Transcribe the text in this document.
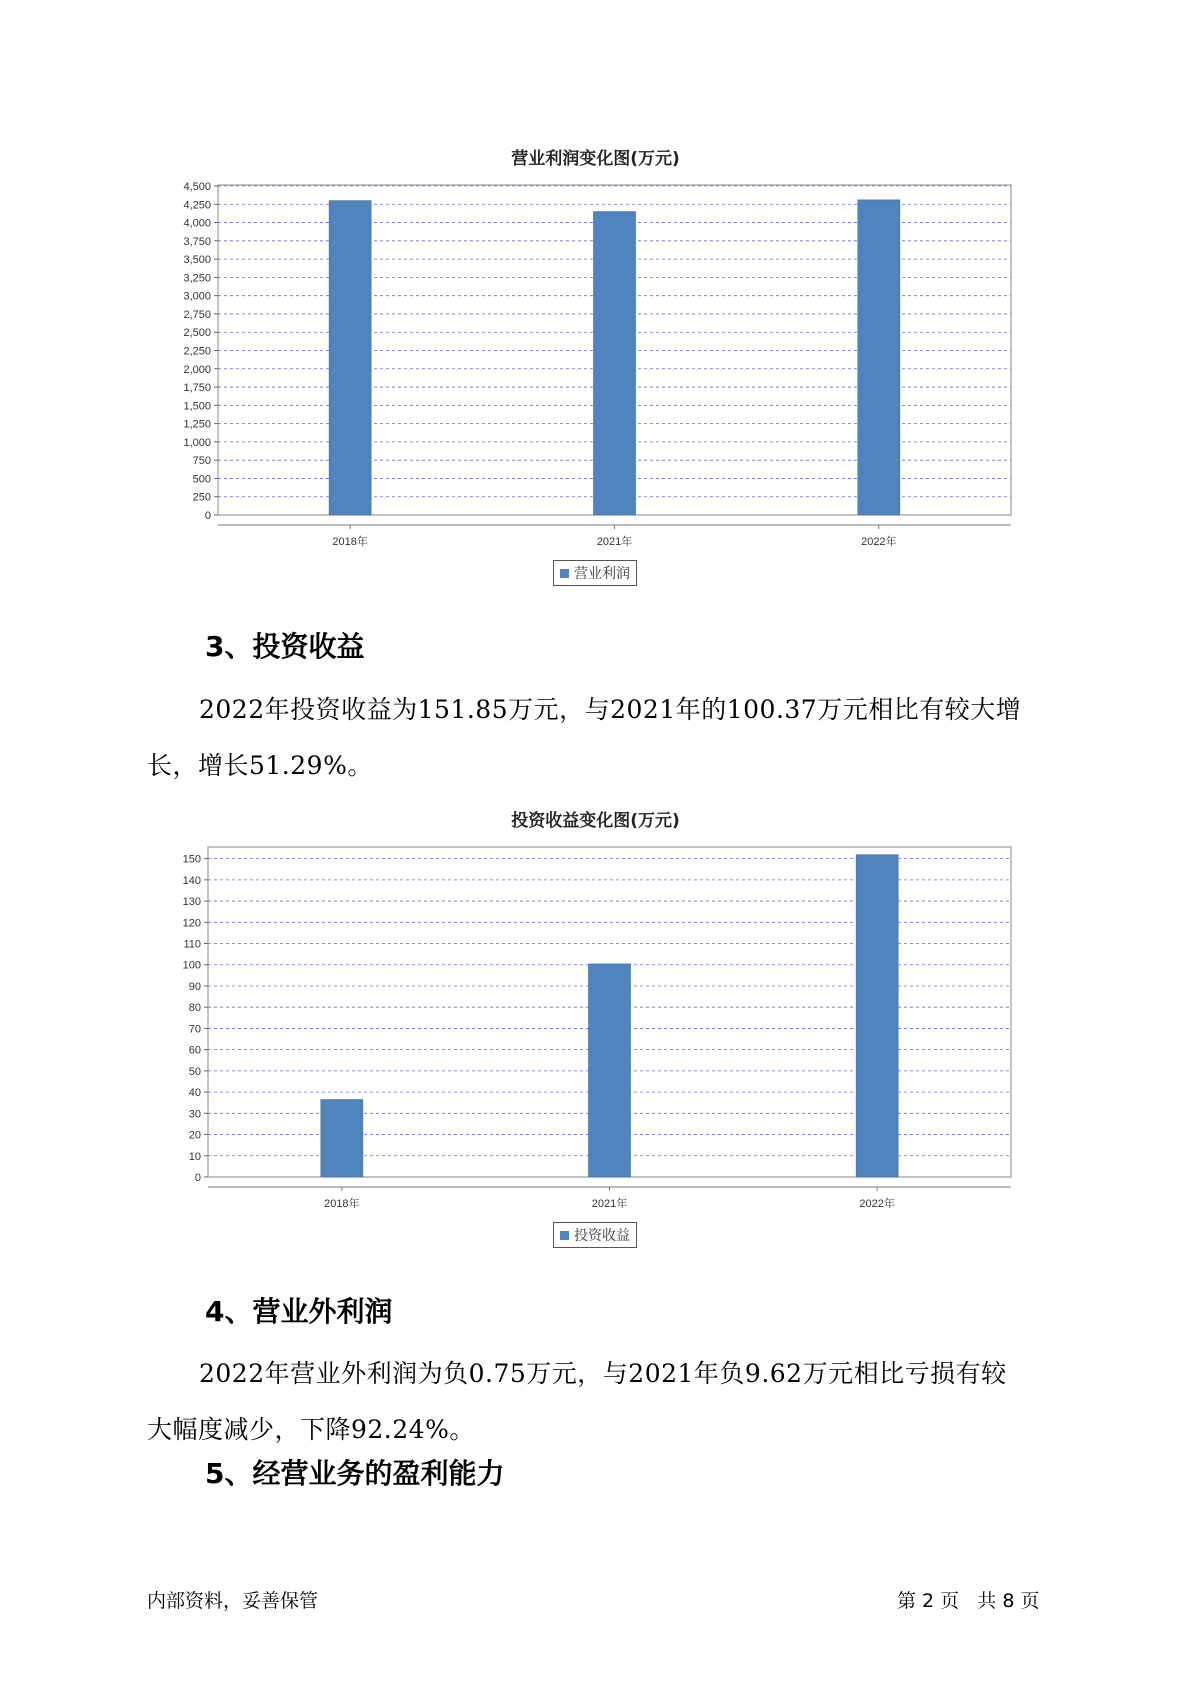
营业利润变化图(万元)
0
250
500
750
1,000
1,250
1,500
1,750
2,000
2,250
2,500
2,750
3,000
3,250
3,500
3,750
4,000
4,250
4,500
2018年	2021年	2022年
营业利润
3、投资收益
2022年投资收益为151.85万元，与2021年的100.37万元相比有较大增
长，增长51.29%。
投资收益变化图(万元)
0
10
20
30
40
50
60
70
80
90
100
110
120
130
140
150
2018年	2021年	2022年
投资收益
4、营业外利润
2022年营业外利润为负0.75万元，与2021年负9.62万元相比亏损有较
大幅度减少，下降92.24%。
5、经营业务的盈利能力
内部资料，妥善保管	第 2 页   共 8 页
